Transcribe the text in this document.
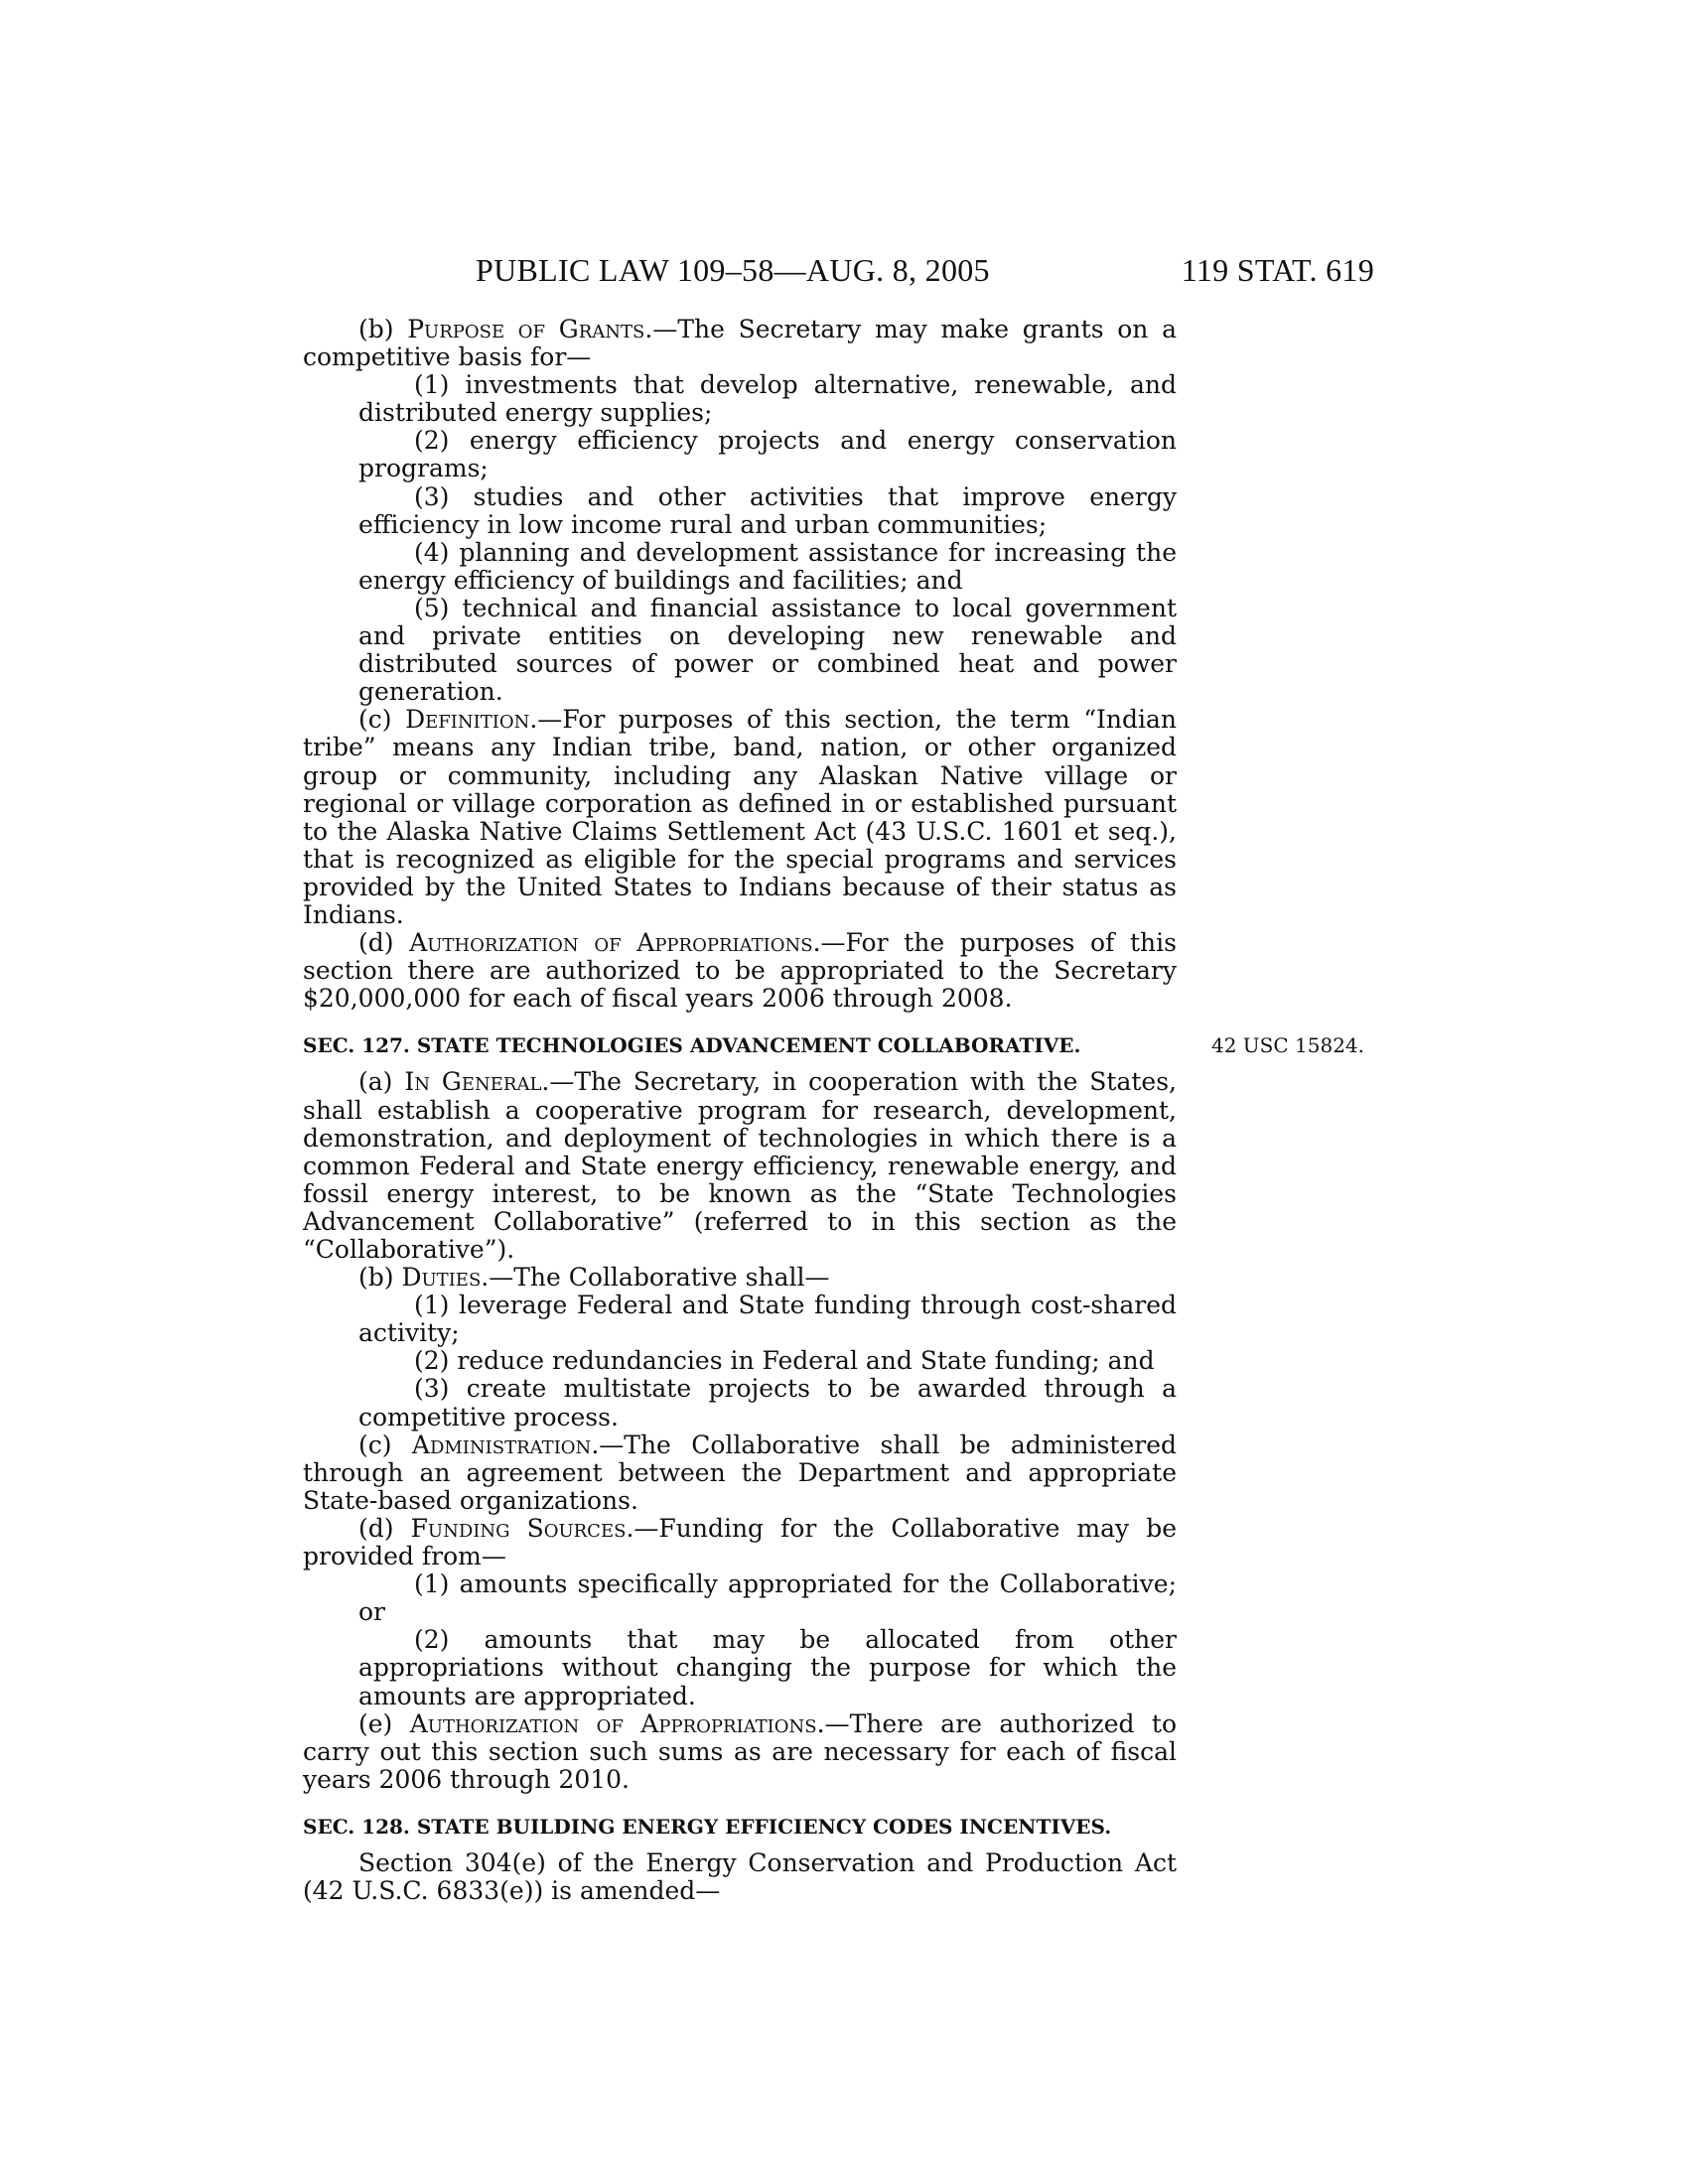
PUBLIC LAW 109–58—AUG. 8, 2005	119 STAT. 619
42 USC 15824.

(b) Purpose of Grants.—The Secretary may make grants on a competitive basis for—

(1) investments that develop alternative, renewable, and distributed energy supplies;

(2) energy efficiency projects and energy conservation programs;

(3) studies and other activities that improve energy efficiency in low income rural and urban communities;

(4) planning and development assistance for increasing the energy efficiency of buildings and facilities; and

(5) technical and financial assistance to local government and private entities on developing new renewable and distributed sources of power or combined heat and power generation.

(c) Definition.—For purposes of this section, the term “Indian tribe” means any Indian tribe, band, nation, or other organized group or community, including any Alaskan Native village or regional or village corporation as defined in or established pursuant to the Alaska Native Claims Settlement Act (43 U.S.C. 1601 et seq.), that is recognized as eligible for the special programs and services provided by the United States to Indians because of their status as Indians.

(d) Authorization of Appropriations.—For the purposes of this section there are authorized to be appropriated to the Secretary $20,000,000 for each of fiscal years 2006 through 2008.

SEC. 127. STATE TECHNOLOGIES ADVANCEMENT COLLABORATIVE.

(a) In General.—The Secretary, in cooperation with the States, shall establish a cooperative program for research, development, demonstration, and deployment of technologies in which there is a common Federal and State energy efficiency, renewable energy, and fossil energy interest, to be known as the “State Technologies Advancement Collaborative” (referred to in this section as the “Collaborative”).

(b) Duties.—The Collaborative shall—

(1) leverage Federal and State funding through cost-shared activity;

(2) reduce redundancies in Federal and State funding; and

(3) create multistate projects to be awarded through a competitive process.

(c) Administration.—The Collaborative shall be administered through an agreement between the Department and appropriate State-based organizations.

(d) Funding Sources.—Funding for the Collaborative may be provided from—

(1) amounts specifically appropriated for the Collaborative; or

(2) amounts that may be allocated from other appropriations without changing the purpose for which the amounts are appropriated.

(e) Authorization of Appropriations.—There are authorized to carry out this section such sums as are necessary for each of fiscal years 2006 through 2010.

SEC. 128. STATE BUILDING ENERGY EFFICIENCY CODES INCENTIVES.

Section 304(e) of the Energy Conservation and Production Act (42 U.S.C. 6833(e)) is amended—
